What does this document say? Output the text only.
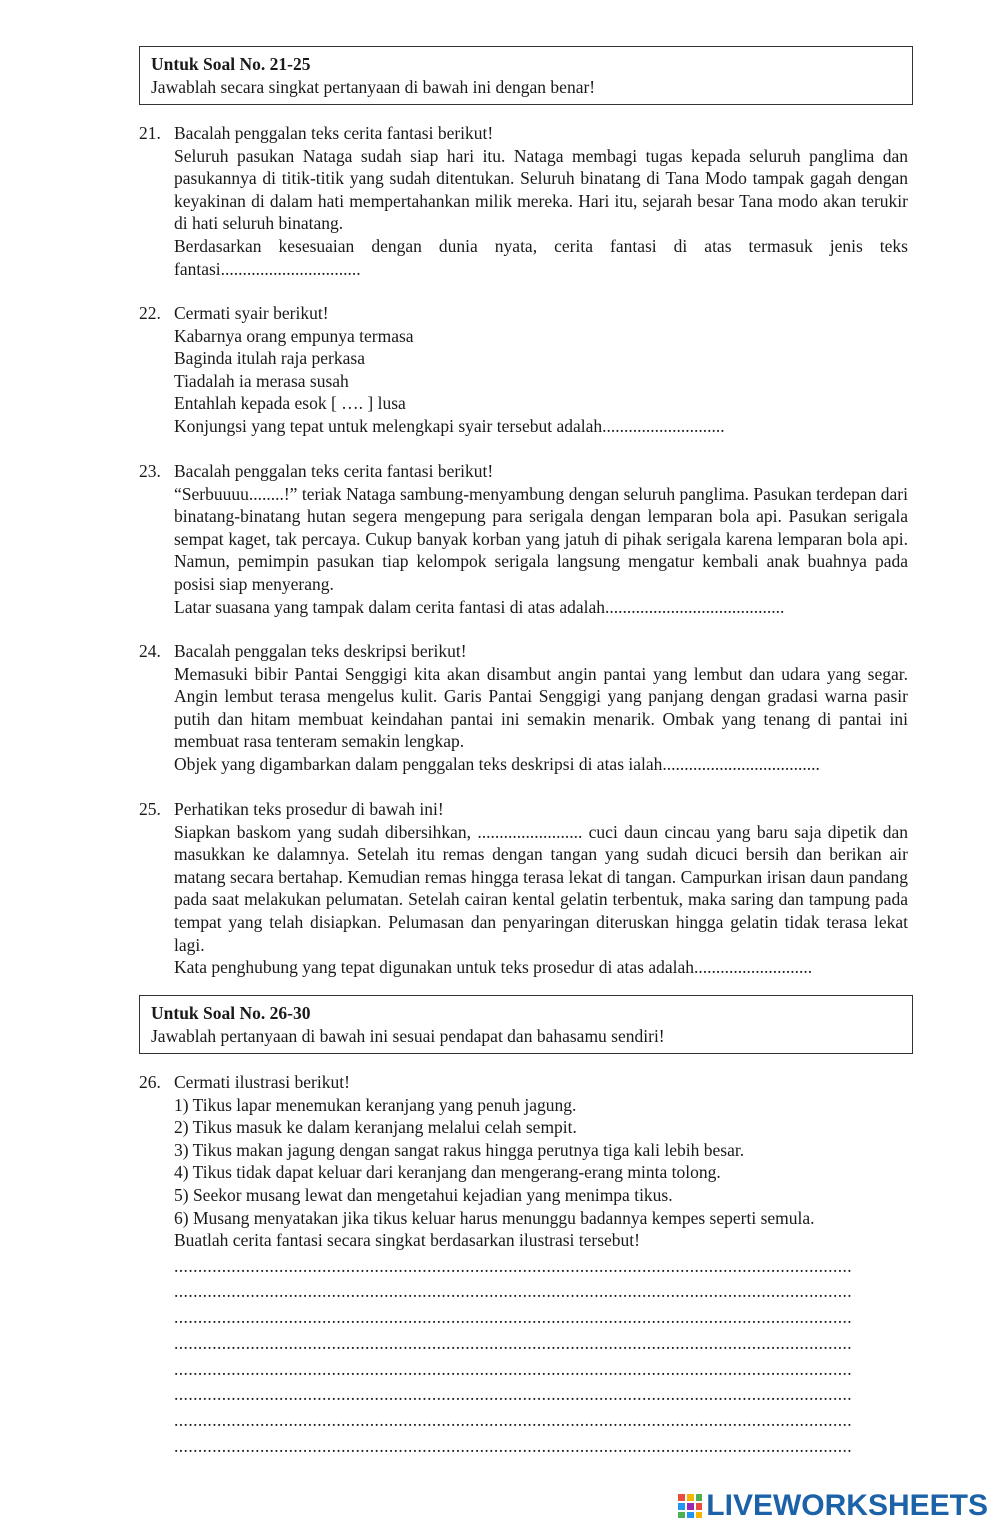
Untuk Soal No. 21-25
Jawablah secara singkat pertanyaan di bawah ini dengan benar!
21. Bacalah penggalan teks cerita fantasi berikut!

Seluruh pasukan Nataga sudah siap hari itu. Nataga membagi tugas kepada seluruh panglima dan pasukannya di titik-titik yang sudah ditentukan. Seluruh binatang di Tana Modo tampak gagah dengan keyakinan di dalam hati mempertahankan milik mereka. Hari itu, sejarah besar Tana modo akan terukir di hati seluruh binatang.

Berdasarkan kesesuaian dengan dunia nyata, cerita fantasi di atas termasuk jenis teks fantasi................................

22. Cermati syair berikut!

Kabarnya orang empunya termasa
Baginda itulah raja perkasa
Tiadalah ia merasa susah
Entahlah kepada esok [ …. ] lusa

Konjungsi yang tepat untuk melengkapi syair tersebut adalah............................

23. Bacalah penggalan teks cerita fantasi berikut!

“Serbuuuu........!” teriak Nataga sambung-menyambung dengan seluruh panglima. Pasukan terdepan dari binatang-binatang hutan segera mengepung para serigala dengan lemparan bola api. Pasukan serigala sempat kaget, tak percaya. Cukup banyak korban yang jatuh di pihak serigala karena lemparan bola api. Namun, pemimpin pasukan tiap kelompok serigala langsung mengatur kembali anak buahnya pada posisi siap menyerang.

Latar suasana yang tampak dalam cerita fantasi di atas adalah.........................................

24. Bacalah penggalan teks deskripsi berikut!

Memasuki bibir Pantai Senggigi kita akan disambut angin pantai yang lembut dan udara yang segar. Angin lembut terasa mengelus kulit. Garis Pantai Senggigi yang panjang dengan gradasi warna pasir putih dan hitam membuat keindahan pantai ini semakin menarik. Ombak yang tenang di pantai ini membuat rasa tenteram semakin lengkap.

Objek yang digambarkan dalam penggalan teks deskripsi di atas ialah....................................

25. Perhatikan teks prosedur di bawah ini!

Siapkan baskom yang sudah dibersihkan, ........................ cuci daun cincau yang baru saja dipetik dan masukkan ke dalamnya. Setelah itu remas dengan tangan yang sudah dicuci bersih dan berikan air matang secara bertahap. Kemudian remas hingga terasa lekat di tangan. Campurkan irisan daun pandang pada saat melakukan pelumatan. Setelah cairan kental gelatin terbentuk, maka saring dan tampung pada tempat yang telah disiapkan. Pelumasan dan penyaringan diteruskan hingga gelatin tidak terasa lekat lagi.

Kata penghubung yang tepat digunakan untuk teks prosedur di atas adalah...........................

Untuk Soal No. 26-30
Jawablah pertanyaan di bawah ini sesuai pendapat dan bahasamu sendiri!
26. Cermati ilustrasi berikut!

1) Tikus lapar menemukan keranjang yang penuh jagung.
2) Tikus masuk ke dalam keranjang melalui celah sempit.
3) Tikus makan jagung dengan sangat rakus hingga perutnya tiga kali lebih besar.
4) Tikus tidak dapat keluar dari keranjang dan mengerang-erang minta tolong.
5) Seekor musang lewat dan mengetahui kejadian yang menimpa tikus.
6) Musang menyatakan jika tikus keluar harus menunggu badannya kempes seperti semula.

Buatlah cerita fantasi secara singkat berdasarkan ilustrasi tersebut!

..............................................................................................................................................
..............................................................................................................................................
..............................................................................................................................................
..............................................................................................................................................
..............................................................................................................................................
..............................................................................................................................................
..............................................................................................................................................
..............................................................................................................................................
LIVEWORKSHEETS
